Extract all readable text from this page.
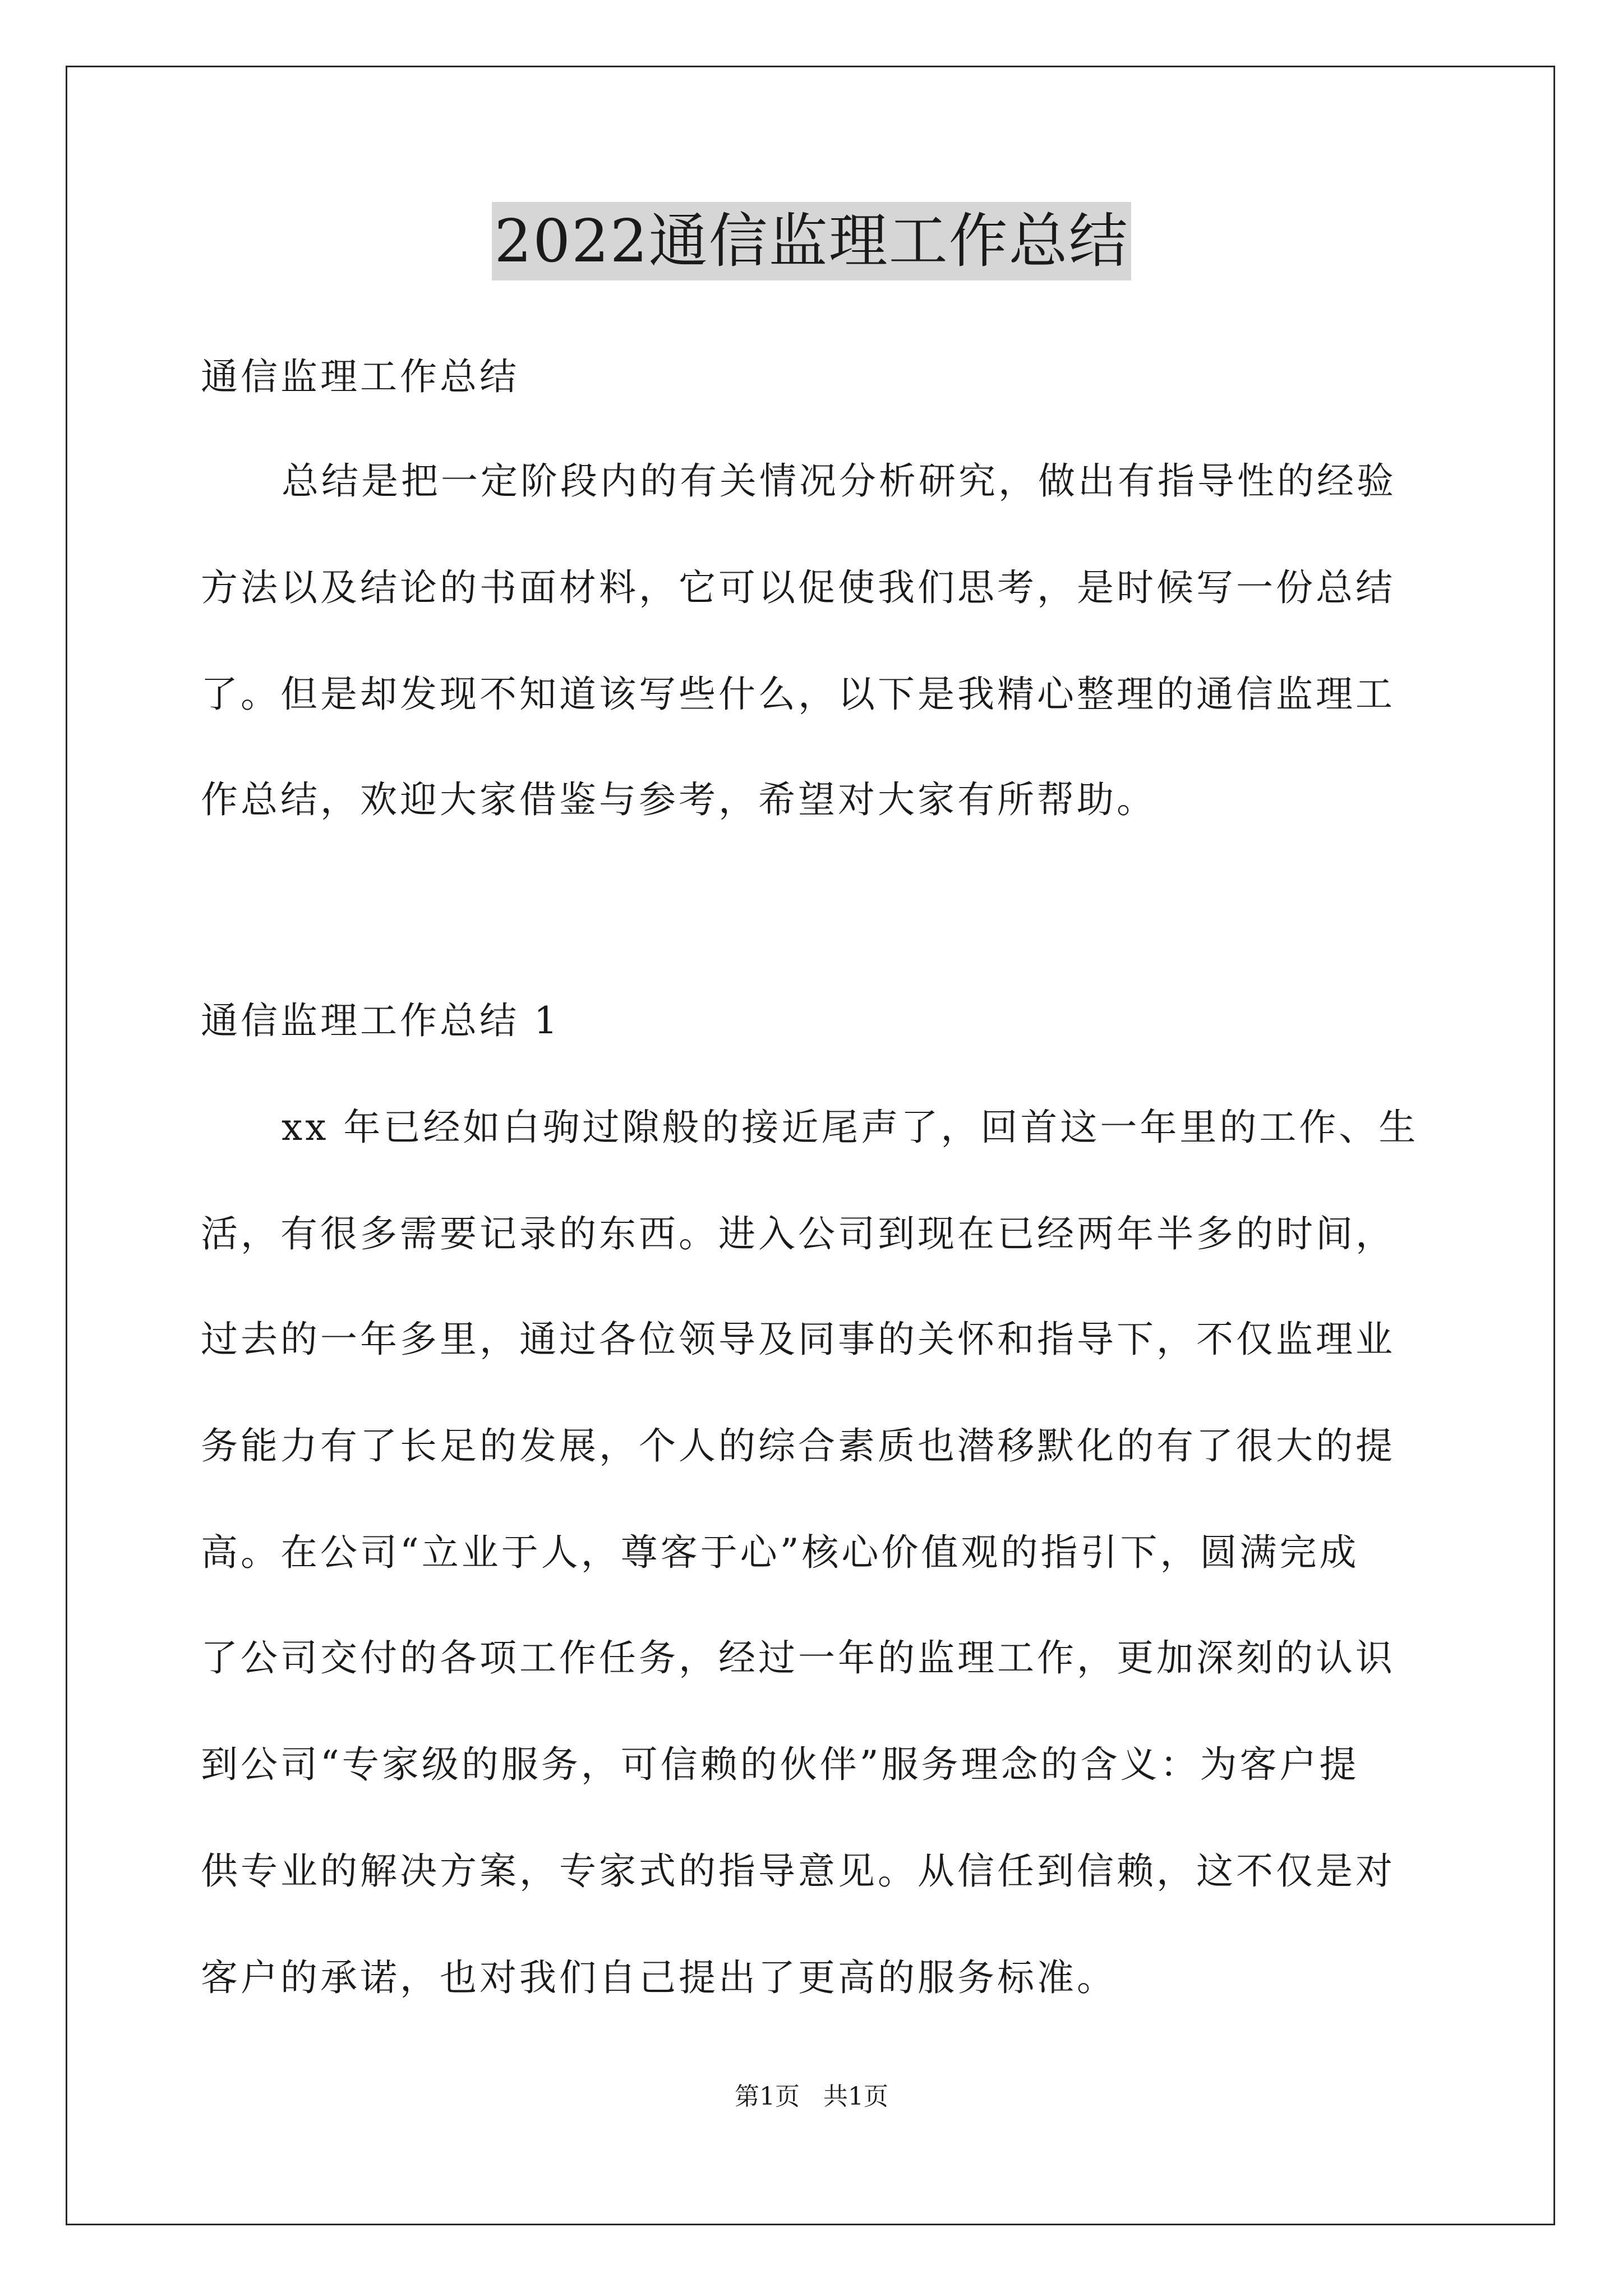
2022通信监理工作总结
通信监理工作总结
总结是把一定阶段内的有关情况分析研究，做出有指导性的经验
方法以及结论的书面材料，它可以促使我们思考，是时候写一份总结
了。但是却发现不知道该写些什么，以下是我精心整理的通信监理工
作总结，欢迎大家借鉴与参考，希望对大家有所帮助。
通信监理工作总结 1
xx 年已经如白驹过隙般的接近尾声了，回首这一年里的工作、生
活，有很多需要记录的东西。进入公司到现在已经两年半多的时间，
过去的一年多里，通过各位领导及同事的关怀和指导下，不仅监理业
务能力有了长足的发展，个人的综合素质也潜移默化的有了很大的提
高。在公司“立业于人，尊客于心”核心价值观的指引下，圆满完成
了公司交付的各项工作任务，经过一年的监理工作，更加深刻的认识
到公司“专家级的服务，可信赖的伙伴”服务理念的含义：为客户提
供专业的解决方案，专家式的指导意见。从信任到信赖，这不仅是对
客户的承诺，也对我们自己提出了更高的服务标准。
第1页   共1页
